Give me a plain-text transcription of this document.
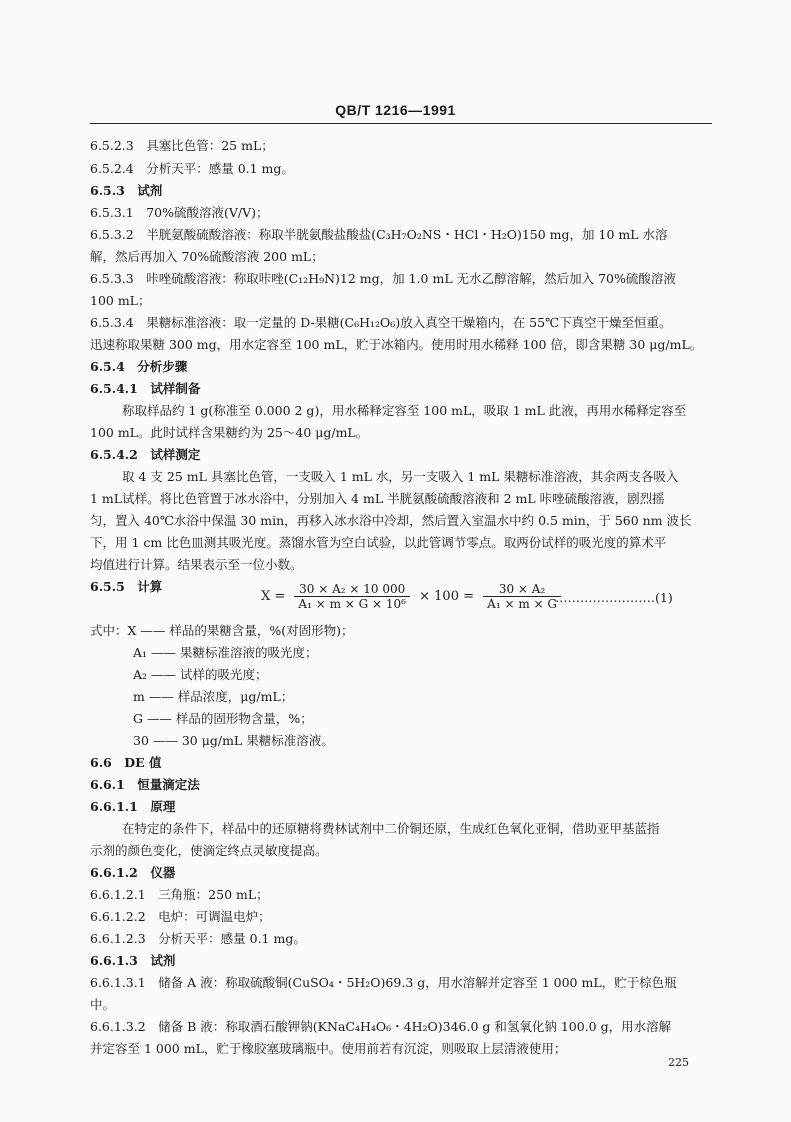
QB/T 1216—1991
6.5.2.3　具塞比色管：25 mL；
6.5.2.4　分析天平：感量 0.1 mg。
6.5.3　试剂
6.5.3.1　70%硫酸溶液(V/V)；
6.5.3.2　半胱氨酸硫酸溶液：称取半胱氨酸盐酸盐(C₃H₇O₂NS・HCl・H₂O)150 mg，加 10 mL 水溶
解，然后再加入 70%硫酸溶液 200 mL；
6.5.3.3　咔唑硫酸溶液：称取咔唑(C₁₂H₉N)12 mg，加 1.0 mL 无水乙醇溶解，然后加入 70%硫酸溶液
100 mL；
6.5.3.4　果糖标准溶液：取一定量的 D-果糖(C₆H₁₂O₆)放入真空干燥箱内，在 55℃下真空干燥至恒重。
迅速称取果糖 300 mg，用水定容至 100 mL，贮于冰箱内。使用时用水稀释 100 倍，即含果糖 30 μg/mL。
6.5.4　分析步骤
6.5.4.1　试样制备
称取样品约 1 g(称准至 0.000 2 g)，用水稀释定容至 100 mL，吸取 1 mL 此液，再用水稀释定容至
100 mL。此时试样含果糖约为 25～40 μg/mL。
6.5.4.2　试样测定
取 4 支 25 mL 具塞比色管，一支吸入 1 mL 水，另一支吸入 1 mL 果糖标准溶液，其余两支各吸入
1 mL试样。将比色管置于冰水浴中，分别加入 4 mL 半胱氨酸硫酸溶液和 2 mL 咔唑硫酸溶液，剧烈摇
匀，置入 40℃水浴中保温 30 min，再移入冰水浴中冷却，然后置入室温水中约 0.5 min，于 560 nm 波长
下，用 1 cm 比色皿测其吸光度。蒸馏水管为空白试验，以此管调节零点。取两份试样的吸光度的算术平
均值进行计算。结果表示至一位小数。
6.5.5　计算
$X = \frac{\text{30 × A₂ × 10 000}}{\text{A₁ × m × G × 10⁶}} \times 100 = \frac{\text{30 × A₂}}{\text{A₁ × m × G}}$
……………………(1)
式中：X —— 样品的果糖含量，%(对固形物)；
A₁ —— 果糖标准溶液的吸光度；
A₂ —— 试样的吸光度；
m —— 样品浓度，μg/mL；
G —— 样品的固形物含量，%；
30 —— 30 μg/mL 果糖标准溶液。
6.6　DE 值
6.6.1　恒量滴定法
6.6.1.1　原理
在特定的条件下，样品中的还原糖将费林试剂中二价铜还原，生成红色氧化亚铜，借助亚甲基蓝指
示剂的颜色变化，使滴定终点灵敏度提高。
6.6.1.2　仪器
6.6.1.2.1　三角瓶：250 mL；
6.6.1.2.2　电炉：可调温电炉；
6.6.1.2.3　分析天平：感量 0.1 mg。
6.6.1.3　试剂
6.6.1.3.1　储备 A 液：称取硫酸铜(CuSO₄・5H₂O)69.3 g，用水溶解并定容至 1 000 mL，贮于棕色瓶
中。
6.6.1.3.2　储备 B 液：称取酒石酸钾钠(KNaC₄H₄O₆・4H₂O)346.0 g 和氢氧化钠 100.0 g，用水溶解
并定容至 1 000 mL，贮于橡胶塞玻璃瓶中。使用前若有沉淀，则吸取上层清液使用；
225
